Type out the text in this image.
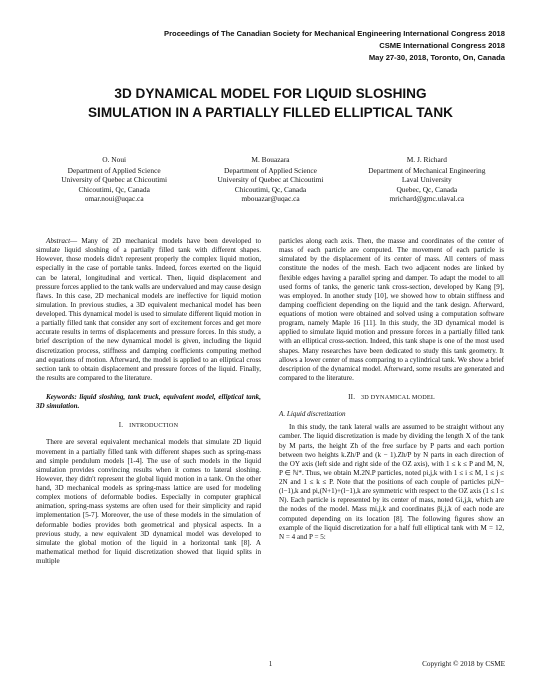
Proceedings of The Canadian Society for Mechanical Engineering International Congress 2018
CSME International Congress 2018
May 27-30, 2018, Toronto, On, Canada
3D DYNAMICAL MODEL FOR LIQUID SLOSHING
SIMULATION IN A PARTIALLY FILLED ELLIPTICAL TANK
O. Noui
Department of Applied Science
University of Quebec at Chicoutimi
Chicoutimi, Qc, Canada
omar.noui@uqac.ca
M. Bouazara
Department of Applied Science
University of Quebec at Chicoutimi
Chicoutimi, Qc, Canada
mbouazar@uqac.ca
M. J. Richard
Department of Mechanical Engineering
Laval University
Quebec, Qc, Canada
mrichard@gmc.ulaval.ca

Abstract— Many of 2D mechanical models have been developed to simulate liquid sloshing of a partially filled tank with different shapes. However, those models didn't represent properly the complex liquid motion, especially in the case of portable tanks. Indeed, forces exerted on the liquid can be lateral, longitudinal and vertical. Then, liquid displacement and pressure forces applied to the tank walls are undervalued and may cause design flaws. In this case, 2D mechanical models are ineffective for liquid motion simulation. In previous studies, a 3D equivalent mechanical model has been developed. This dynamical model is used to simulate different liquid motion in a partially filled tank that consider any sort of excitement forces and get more accurate results in terms of displacements and pressure forces. In this study, a brief description of the new dynamical model is given, including the liquid discretization process, stiffness and damping coefficients computing method and equations of motion. Afterward, the model is applied to an elliptical cross section tank to obtain displacement and pressure forces of the liquid. Finally, the results are compared to the literature.

Keywords: liquid sloshing, tank truck, equivalent model, elliptical tank, 3D simulation.

I. INTRODUCTION

There are several equivalent mechanical models that simulate 2D liquid movement in a partially filled tank with different shapes such as spring-mass and simple pendulum models [1-4]. The use of such models in the liquid simulation provides convincing results when it comes to lateral sloshing. However, they didn't represent the global liquid motion in a tank. On the other hand, 3D mechanical models as spring-mass lattice are used for modeling complex motions of deformable bodies. Especially in computer graphical animation, spring-mass systems are often used for their simplicity and rapid implementation [5-7]. Moreover, the use of these models in the simulation of deformable bodies provides both geometrical and physical aspects. In a previous study, a new equivalent 3D dynamical model was developed to simulate the global motion of the liquid in a horizontal tank [8]. A mathematical method for liquid discretization showed that liquid splits in multiple

particles along each axis. Then, the masse and coordinates of the center of mass of each particle are computed. The movement of each particle is simulated by the displacement of its center of mass. All centers of mass constitute the nodes of the mesh. Each two adjacent nodes are linked by flexible edges having a parallel spring and damper. To adapt the model to all used forms of tanks, the generic tank cross-section, developed by Kang [9], was employed. In another study [10], we showed how to obtain stiffness and damping coefficient depending on the liquid and the tank design. Afterward, equations of motion were obtained and solved using a computation software program, namely Maple 16 [11]. In this study, the 3D dynamical model is applied to simulate liquid motion and pressure forces in a partially filled tank with an elliptical cross-section. Indeed, this tank shape is one of the most used shapes. Many researches have been dedicated to study this tank geometry. It allows a lower center of mass comparing to a cylindrical tank. We show a brief description of the dynamical model. Afterward, some results are generated and compared to the literature.

II. 3D DYNAMICAL MODEL
A. Liquid discretization

In this study, the tank lateral walls are assumed to be straight without any camber. The liquid discretization is made by dividing the length X of the tank by M parts, the height Zh of the free surface by P parts and each portion between two heights k.Zh/P and (k − 1).Zh/P by N parts in each direction of the OY axis (left side and right side of the OZ axis), with 1 ≤ k ≤ P and M, N, P ∈ ℕ*. Thus, we obtain M.2N.P particles, noted pi,j,k with 1 ≤ i ≤ M, 1 ≤ j ≤ 2N and 1 ≤ k ≤ P. Note that the positions of each couple of particles pi,N−(l−1),k and pi,(N+1)+(l−1),k are symmetric with respect to the OZ axis (1 ≤ l ≤ N). Each particle is represented by its center of mass, noted Gi,j,k, which are the nodes of the model. Mass mi,j,k and coordinates βi,j,k of each node are computed depending on its location [8]. The following figures show an example of the liquid discretization for a half full elliptical tank with M = 12, N = 4 and P = 5:

1	Copyright © 2018 by CSME
